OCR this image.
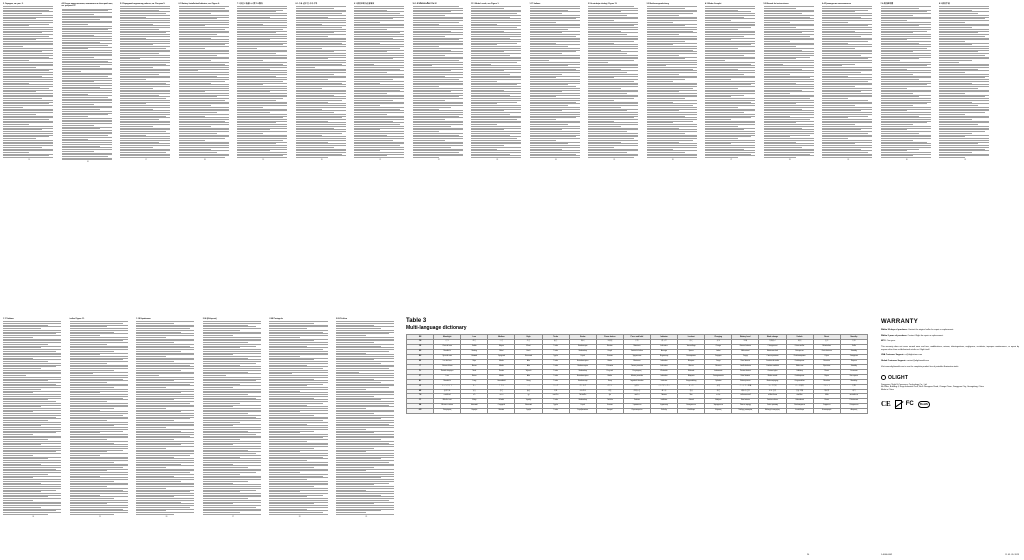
2. Зарядка, см. рис. 3.
15
4.2 Когда заряд включен, выключатель быстрый свет, см. рисунок 12.
16
5.2 Зарядный индикатор работы, см. Рисунок 5.
17
6.1 Battery Installation/Indicator, see Figure 6.
18
7.1 安全と取扱いに関する警告
19
8.1 사용 설명 및 주의 사항
20
9.1 使用说明与注意事项
21
10.1 คำเตือนและข้อควรระวัง
22
11.1 Mode Levels, see Figure 1.
23
1.17 Italiano
24
2.5 Instrukcja obsługi, Figure 11.
25
3.2 Bedienungsanleitung
26
4.3 Mode d'emploi
27
5.9 Manual de instrucciones
28
6.4 Руководство пользователя
29
7.6 使用說明書
30
8.3 使用手冊
31
1.17 Italiano
24
indice Figura 11.
25
1.18 Українська
26
2.06 (Ελληνικά)
27
2.08 Português
28
2.09 Čeština
29
Table 3
Multi-language dictionary
EN	Moonlight	Low	Medium	High	Turbo	Strobe	Power button	Press and hold	Indicator	Lockout	Charging	Battery level	Mode change	Unlock	Reset	Standby
CN	月光	低亮	中亮	高亮	极亮	爆闪	电源键	长按	指示灯	锁定	充电	电量	切换模式	解锁	复位	待机
FR	Clair de lune	Faible	Moyen	Élevé	Turbo	Stroboscope	Bouton	Maintenir	Indicateur	Verrouillage	Charge	Niveau batterie	Changement	Déverrouiller	Réinitialiser	Veille
DE	Mondlicht	Niedrig	Mittel	Hoch	Turbo	Stroboskop	Knopf	Gedrückt halten	Anzeige	Sperre	Laden	Akkustand	Moduswechsel	Entsperren	Zurücksetzen	Standby
RU	Лунный свет	Низкий	Средний	Высокий	Турбо	Строб	Кнопка	Удержание	Индикатор	Блокировка	Зарядка	Заряд	Смена режима	Разблокировка	Сброс	Ожидание
ES	Luz de luna	Bajo	Medio	Alto	Turbo	Estroboscópico	Botón	Mantener	Indicador	Bloqueo	Carga	Nivel batería	Cambio de modo	Desbloquear	Reiniciar	Reposo
IT	Chiaro di luna	Basso	Medio	Alto	Turbo	Stroboscopico	Pulsante	Tenere premuto	Indicatore	Blocco	Ricarica	Livello batteria	Cambio modalità	Sbloccare	Ripristino	Standby
PL	Światło księżyca	Niski	Średni	Wysoki	Turbo	Stroboskop	Przycisk	Przytrzymaj	Wskaźnik	Blokada	Ładowanie	Poziom baterii	Zmiana trybu	Odblokuj	Reset	Czuwanie
PT	Luar	Baixo	Médio	Alto	Turbo	Estroboscópico	Botão	Manter premido	Indicador	Bloqueio	Carregamento	Nível bateria	Mudar modo	Desbloquear	Repor	Em espera
NL	Maanlicht	Laag	Gemiddeld	Hoog	Turbo	Stroboscoop	Knop	Ingedrukt houden	Indicator	Vergrendeling	Opladen	Batterijniveau	Moduswijziging	Ontgrendelen	Resetten	Stand-by
JP	ムーンライト	ロー	ミドル	ハイ	ターボ	ストロボ	ボタン	長押し	インジケーター	ロック	充電	バッテリー残量	モード変更	ロック解除	リセット	待機
KR	문라이트	낮음	중간	높음	터보	스트로브	버튼	길게 누름	표시등	잠금	충전	배터리 잔량	모드 변경	잠금 해제	재설정	대기
TH	แสงจันทร์	ต่ำ	กลาง	สูง	เทอร์โบ	ไฟกะพริบ	ปุ่ม	กดค้าง	ไฟแสดง	ล็อก	ชาร์จ	ระดับแบตเตอรี่	เปลี่ยนโหมด	ปลดล็อก	รีเซ็ต	สแตนด์บาย
CZ	Měsíční svit	Nízký	Střední	Vysoký	Turbo	Stroboskop	Tlačítko	Podržet	Indikátor	Zámek	Nabíjení	Stav baterie	Změna režimu	Odemknout	Reset	Pohotovost
UA	Місячне світло	Низький	Середній	Високий	Турбо	Строб	Кнопка	Утримання	Індикатор	Блокування	Заряджання	Рівень заряду	Зміна режиму	Розблокувати	Скидання	Очікування
GR	Σεληνόφως	Χαμηλό	Μεσαίο	Υψηλό	Turbo	Στροβοσκόπιο	Κουμπί	Παρατεταμένο	Ένδειξη	Κλείδωμα	Φόρτιση	Στάθμη μπαταρίας	Αλλαγή λειτουργίας	Ξεκλείδωμα	Επαναφορά	Αναμονή
24
WARRANTY

Within 30 days of purchase: Contact the original seller for repair or replacement.

Within 2 years of purchase: Contact Olight for repair or replacement.

MCC: One year.

This warranty does not cover normal wear and tear, modifications, misuse, disintegrations, negligence, accidents, improper maintenance, or repair by anyone other than an Authorised retailer or Olight itself.

USA Customer Support: cs@olightstore.com

Global Customer Support: contact@olightworld.com

Visit www.olightworld.com to see the complete product line of portable illumination tools.

OLIGHT
Dongguan Olight E-Commerce Technology Co., Ltd.
4th Floor, Building 4, Regu Industrial Park, No.6 Zhongnan Road, Chongxi Town, Dongguan City, Guangdong, China
Made in China
CE	FC	RoHS
1.4000.0602	R. 05. 05. 2023
